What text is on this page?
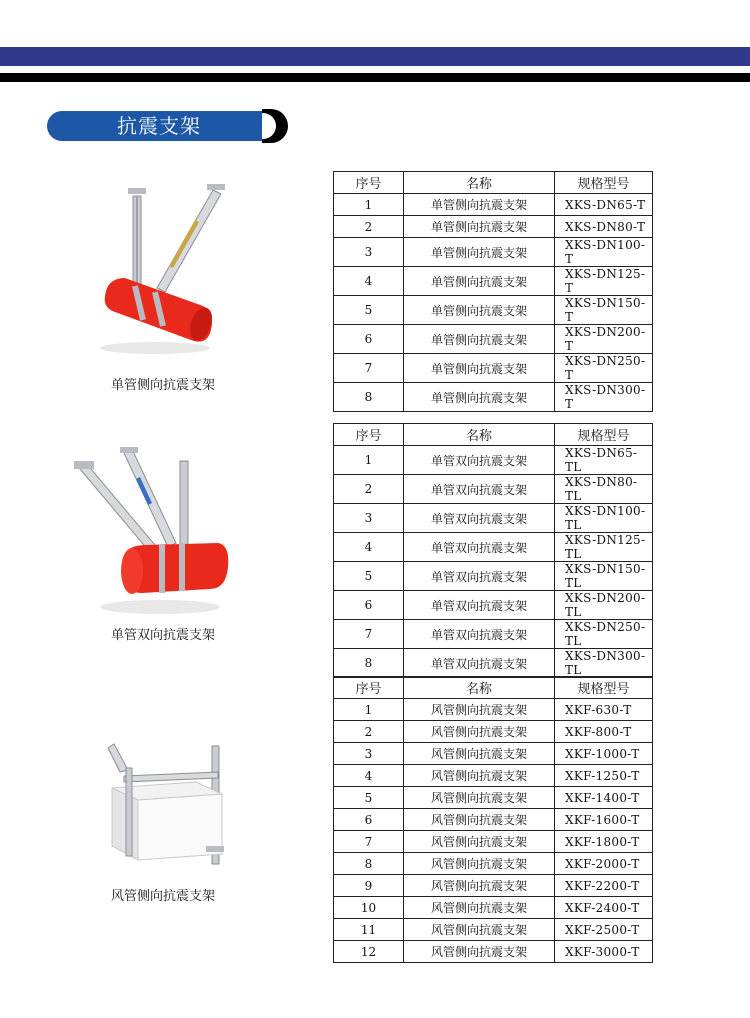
抗震支架
单管侧向抗震支架
单管双向抗震支架
风管侧向抗震支架
序号	名称	规格型号
1	单管侧向抗震支架	XKS-DN65-T
2	单管侧向抗震支架	XKS-DN80-T
3	单管侧向抗震支架	XKS-DN100-T
4	单管侧向抗震支架	XKS-DN125-T
5	单管侧向抗震支架	XKS-DN150-T
6	单管侧向抗震支架	XKS-DN200-T
7	单管侧向抗震支架	XKS-DN250-T
8	单管侧向抗震支架	XKS-DN300-T
序号	名称	规格型号
1	单管双向抗震支架	XKS-DN65-TL
2	单管双向抗震支架	XKS-DN80-TL
3	单管双向抗震支架	XKS-DN100-TL
4	单管双向抗震支架	XKS-DN125-TL
5	单管双向抗震支架	XKS-DN150-TL
6	单管双向抗震支架	XKS-DN200-TL
7	单管双向抗震支架	XKS-DN250-TL
8	单管双向抗震支架	XKS-DN300-TL
序号	名称	规格型号
1	风管侧向抗震支架	XKF-630-T
2	风管侧向抗震支架	XKF-800-T
3	风管侧向抗震支架	XKF-1000-T
4	风管侧向抗震支架	XKF-1250-T
5	风管侧向抗震支架	XKF-1400-T
6	风管侧向抗震支架	XKF-1600-T
7	风管侧向抗震支架	XKF-1800-T
8	风管侧向抗震支架	XKF-2000-T
9	风管侧向抗震支架	XKF-2200-T
10	风管侧向抗震支架	XKF-2400-T
11	风管侧向抗震支架	XKF-2500-T
12	风管侧向抗震支架	XKF-3000-T
